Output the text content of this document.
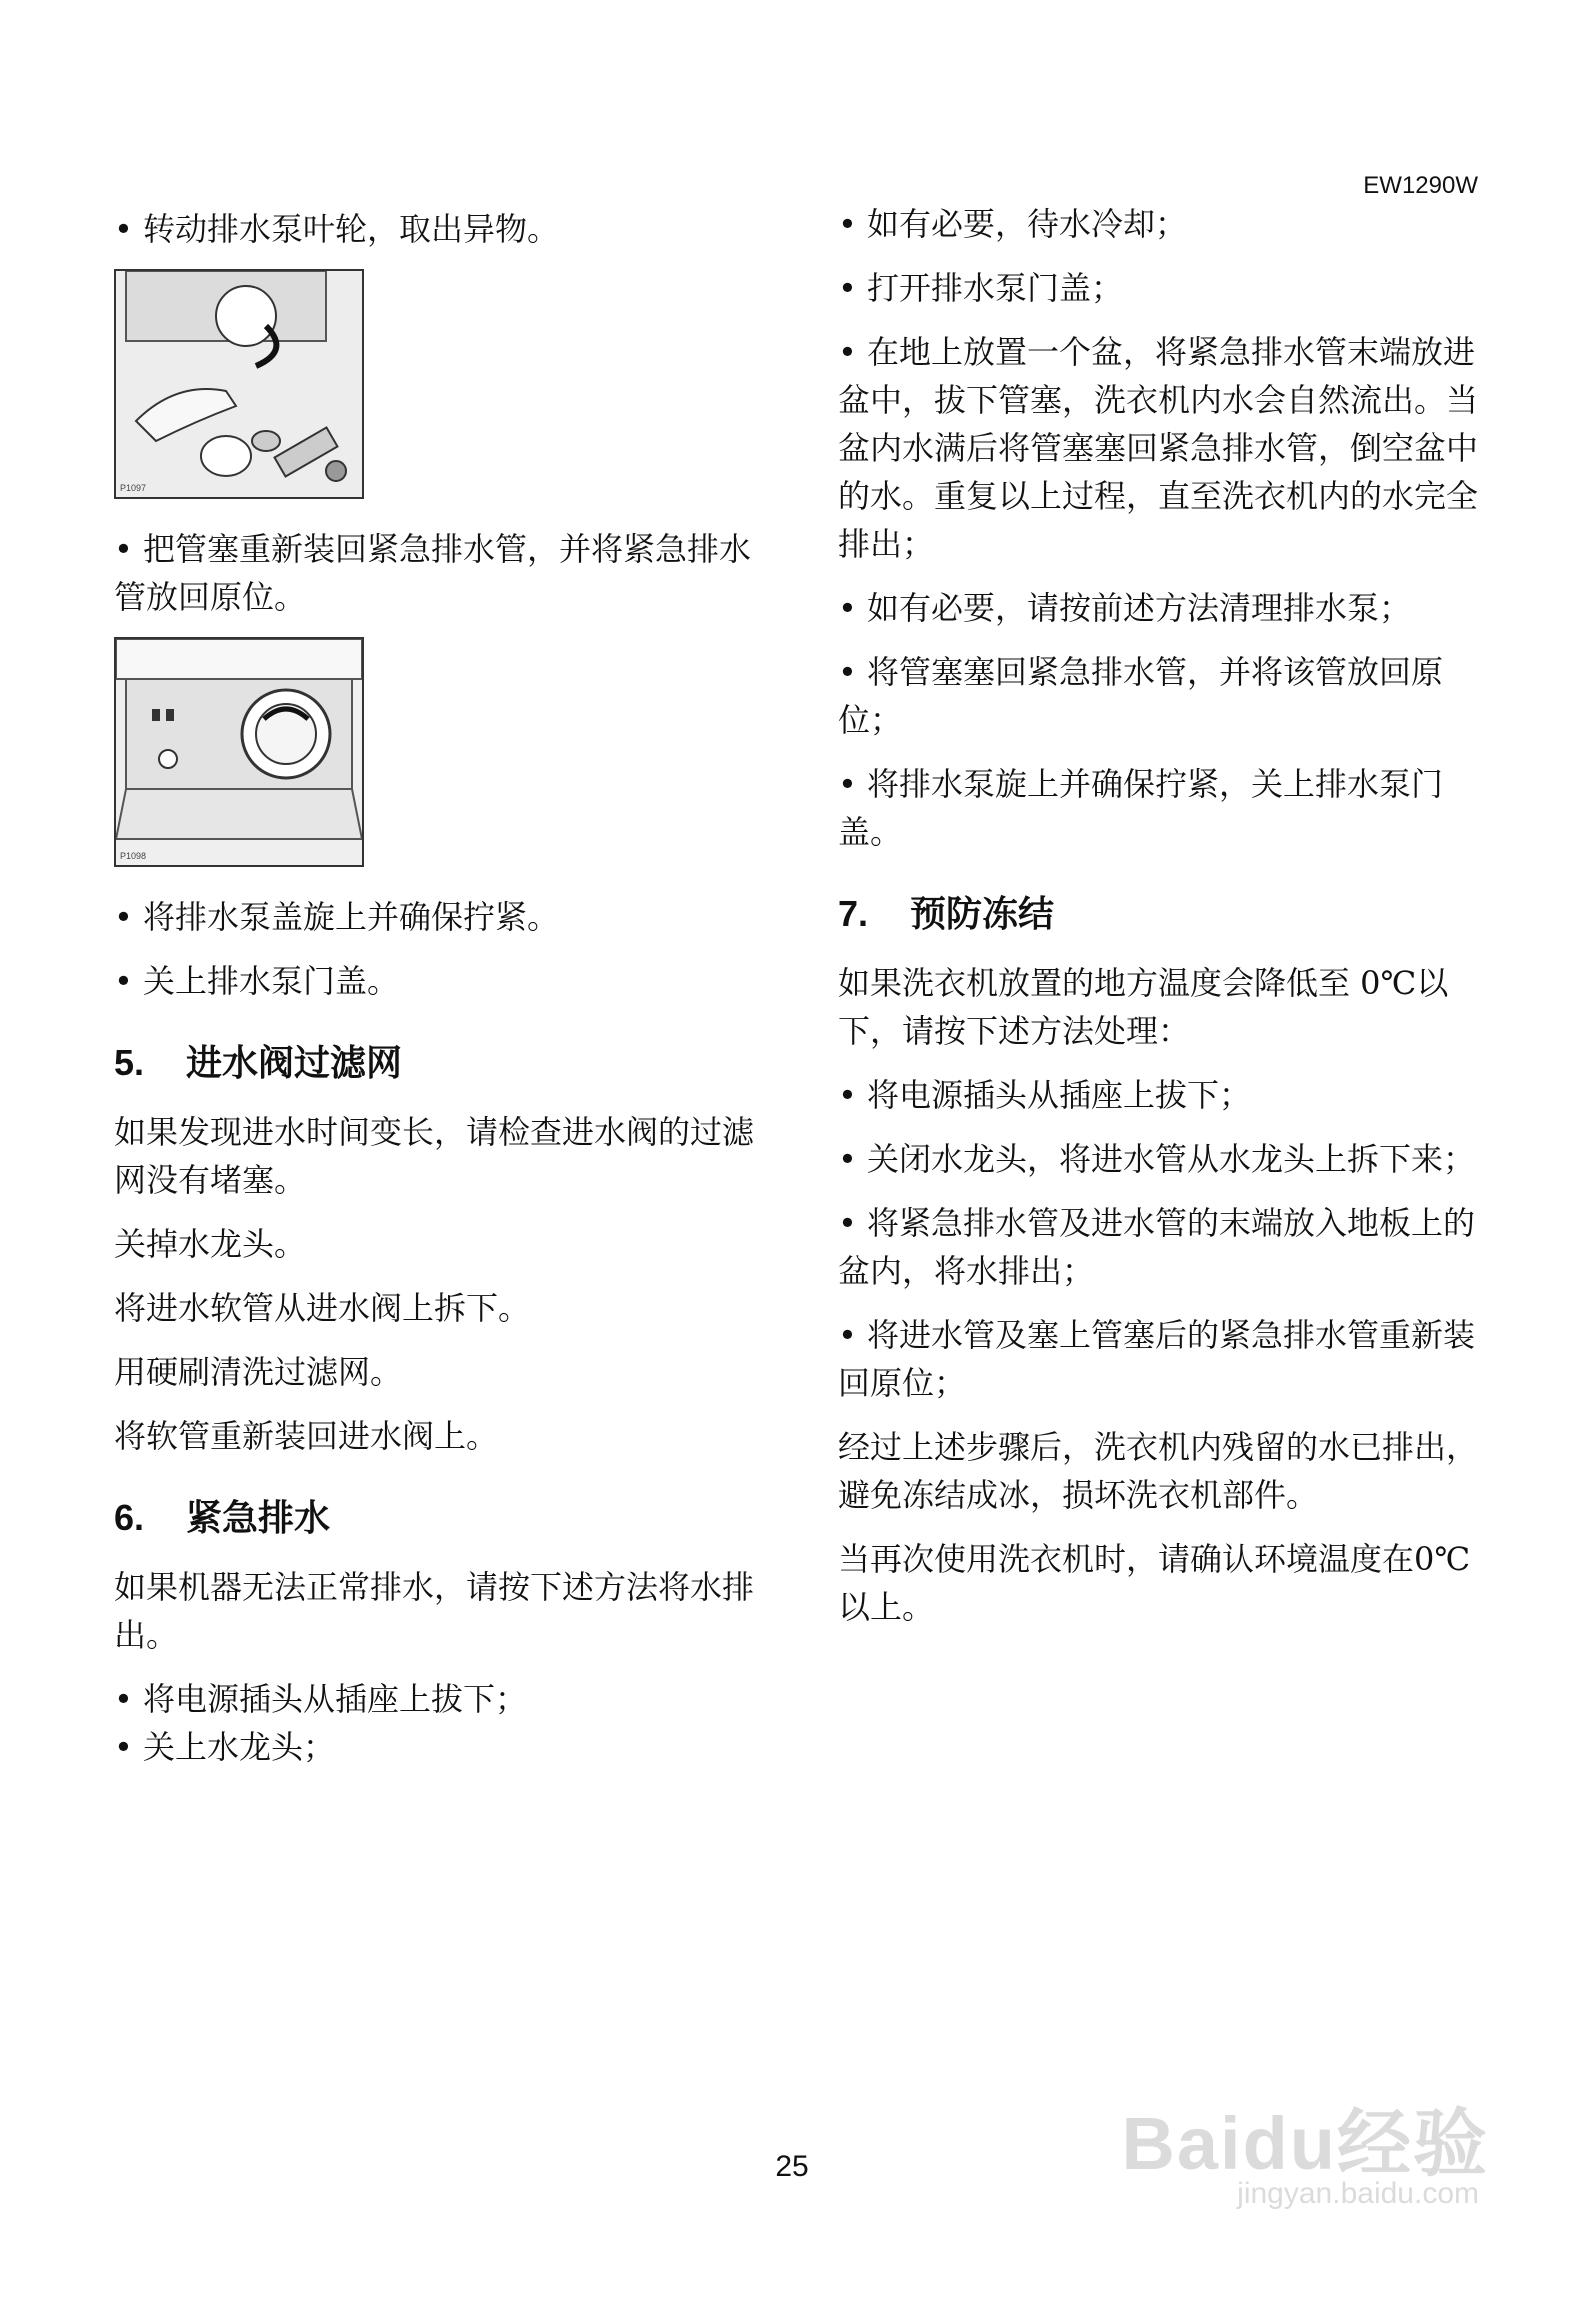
EW1290W

• 转动排水泵叶轮，取出异物。

P1097

• 把管塞重新装回紧急排水管，并将紧急排水管放回原位。

P1098

• 将排水泵盖旋上并确保拧紧。

• 关上排水泵门盖。

5. 进水阀过滤网

如果发现进水时间变长，请检查进水阀的过滤网没有堵塞。

关掉水龙头。

将进水软管从进水阀上拆下。

用硬刷清洗过滤网。

将软管重新装回进水阀上。

6. 紧急排水

如果机器无法正常排水，请按下述方法将水排出。

• 将电源插头从插座上拔下；

• 关上水龙头；

• 如有必要，待水冷却；

• 打开排水泵门盖；

• 在地上放置一个盆，将紧急排水管末端放进盆中，拔下管塞，洗衣机内水会自然流出。当盆内水满后将管塞塞回紧急排水管，倒空盆中的水。重复以上过程，直至洗衣机内的水完全排出；

• 如有必要，请按前述方法清理排水泵；

• 将管塞塞回紧急排水管，并将该管放回原位；

• 将排水泵旋上并确保拧紧，关上排水泵门盖。

7. 预防冻结

如果洗衣机放置的地方温度会降低至 0℃以下，请按下述方法处理：

• 将电源插头从插座上拔下；

• 关闭水龙头，将进水管从水龙头上拆下来；

• 将紧急排水管及进水管的末端放入地板上的盆内，将水排出；

• 将进水管及塞上管塞后的紧急排水管重新装回原位；

经过上述步骤后，洗衣机内残留的水已排出，避免冻结成冰，损坏洗衣机部件。

当再次使用洗衣机时，请确认环境温度在0℃以上。

25	Baidu经验
jingyan.baidu.com
